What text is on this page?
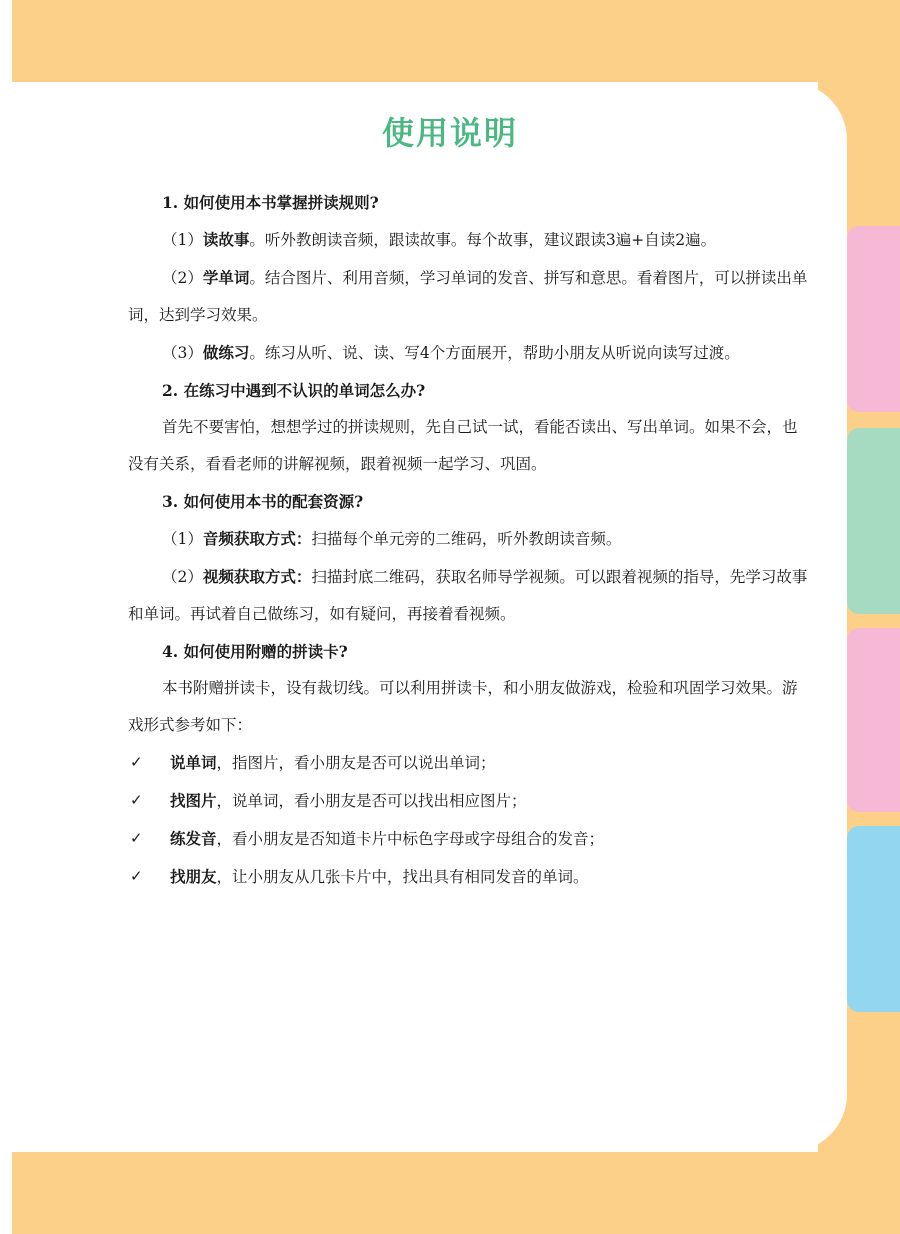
使用说明

1. 如何使用本书掌握拼读规则?

（1）读故事。听外教朗读音频，跟读故事。每个故事，建议跟读3遍+自读2遍。

（2）学单词。结合图片、利用音频，学习单词的发音、拼写和意思。看着图片，可以拼读出单词，达到学习效果。

（3）做练习。练习从听、说、读、写4个方面展开，帮助小朋友从听说向读写过渡。

2. 在练习中遇到不认识的单词怎么办?

首先不要害怕，想想学过的拼读规则，先自己试一试，看能否读出、写出单词。如果不会，也没有关系，看看老师的讲解视频，跟着视频一起学习、巩固。

3. 如何使用本书的配套资源?

（1）音频获取方式：扫描每个单元旁的二维码，听外教朗读音频。

（2）视频获取方式：扫描封底二维码，获取名师导学视频。可以跟着视频的指导，先学习故事和单词。再试着自己做练习，如有疑问，再接着看视频。

4. 如何使用附赠的拼读卡?

本书附赠拼读卡，设有裁切线。可以利用拼读卡，和小朋友做游戏，检验和巩固学习效果。游戏形式参考如下：

✓ 说单词，指图片，看小朋友是否可以说出单词；

✓ 找图片，说单词，看小朋友是否可以找出相应图片；

✓ 练发音，看小朋友是否知道卡片中标色字母或字母组合的发音；

✓ 找朋友，让小朋友从几张卡片中，找出具有相同发音的单词。
